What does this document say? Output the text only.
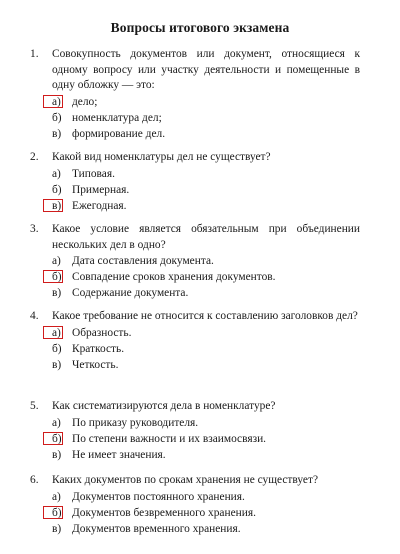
Вопросы итогового экзамена
1.	Совокупность документов или документ, относящиеся к одному вопросу или участку деятельности и помещенные в одну обложку — это:
а) дело;
б) номенклатура дел;
в) формирование дел.
2.	Какой вид номенклатуры дел не существует?
а) Типовая.
б) Примерная.
в) Ежегодная.
3.	Какое условие является обязательным при объединении нескольких дел в одно?
а) Дата составления документа.
б) Совпадение сроков хранения документов.
в) Содержание документа.
4.	Какое требование не относится к составлению заголовков дел?
а) Образность.
б) Краткость.
в) Четкость.
5.	Как систематизируются дела в номенклатуре?
а) По приказу руководителя.
б) По степени важности и их взаимосвязи.
в) Не имеет значения.
6.	Каких документов по срокам хранения не существует?
а) Документов постоянного хранения.
б) Документов безвременного хранения.
в) Документов временного хранения.
